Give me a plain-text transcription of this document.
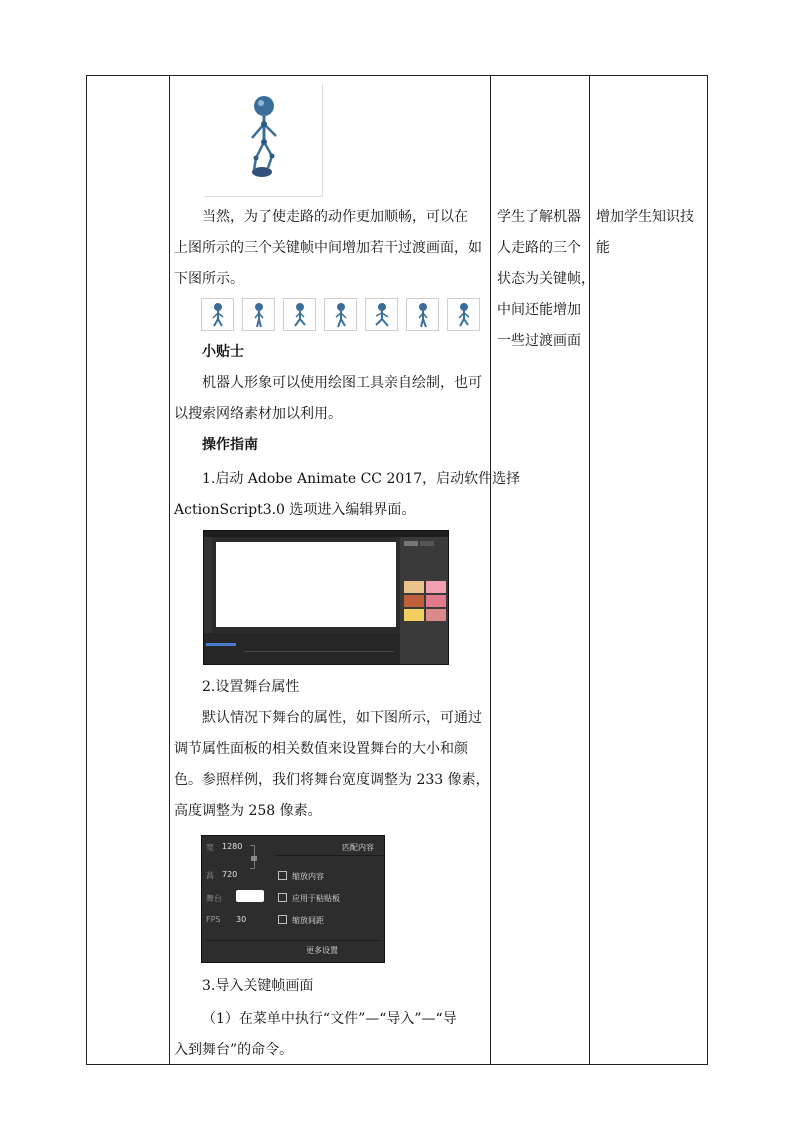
当然，为了使走路的动作更加顺畅，可以在
上图所示的三个关键帧中间增加若干过渡画面，如
下图所示。
小贴士
机器人形象可以使用绘图工具亲自绘制，也可
以搜索网络素材加以利用。
操作指南
1.启动 Adobe Animate CC 2017，启动软件选择
ActionScript3.0 选项进入编辑界面。
2.设置舞台属性
默认情况下舞台的属性，如下图所示，可通过
调节属性面板的相关数值来设置舞台的大小和颜
色。参照样例，我们将舞台宽度调整为 233 像素，
高度调整为 258 像素。
宽 1280	匹配内容
高 720	缩放内容
舞台	应用于粘贴板
FPS 30	缩放间距
更多设置
3.导入关键帧画面
（1）在菜单中执行“文件”—“导入”—“导
入到舞台”的命令。
学生了解机器
人走路的三个
状态为关键帧，
中间还能增加
一些过渡画面
增加学生知识技
能
